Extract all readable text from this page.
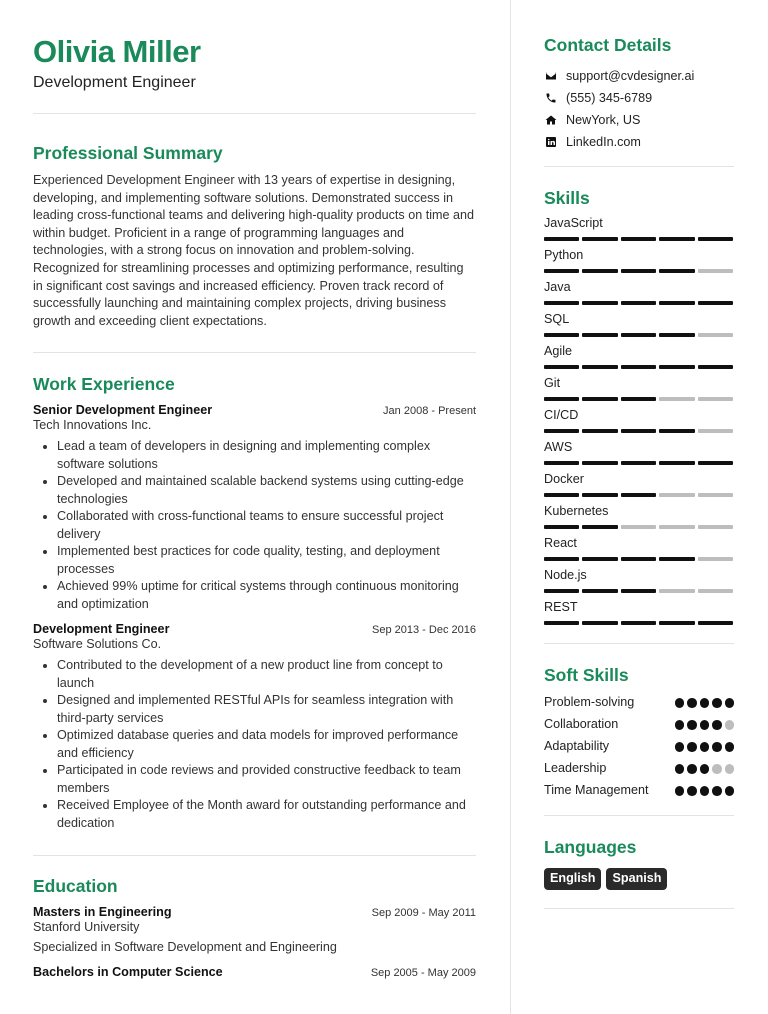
Olivia Miller
Development Engineer
Professional Summary

Experienced Development Engineer with 13 years of expertise in designing, developing, and implementing software solutions. Demonstrated success in leading cross-functional teams and delivering high-quality products on time and within budget. Proficient in a range of programming languages and technologies, with a strong focus on innovation and problem-solving. Recognized for streamlining processes and optimizing performance, resulting in significant cost savings and increased efficiency. Proven track record of successfully launching and maintaining complex projects, driving business growth and exceeding client expectations.

Work Experience
Senior Development Engineer	Jan 2008 - Present
Tech Innovations Inc.
• Lead a team of developers in designing and implementing complex software solutions
• Developed and maintained scalable backend systems using cutting-edge technologies
• Collaborated with cross-functional teams to ensure successful project delivery
• Implemented best practices for code quality, testing, and deployment processes
• Achieved 99% uptime for critical systems through continuous monitoring and optimization
Development Engineer	Sep 2013 - Dec 2016
Software Solutions Co.
• Contributed to the development of a new product line from concept to launch
• Designed and implemented RESTful APIs for seamless integration with third-party services
• Optimized database queries and data models for improved performance and efficiency
• Participated in code reviews and provided constructive feedback to team members
• Received Employee of the Month award for outstanding performance and dedication
Education
Masters in Engineering	Sep 2009 - May 2011
Stanford University
Specialized in Software Development and Engineering
Bachelors in Computer Science	Sep 2005 - May 2009
Contact Details
support@cvdesigner.ai
(555) 345-6789
NewYork, US
LinkedIn.com
Skills
JavaScript
Python
Java
SQL
Agile
Git
CI/CD
AWS
Docker
Kubernetes
React
Node.js
REST
Soft Skills
Problem-solving
Collaboration
Adaptability
Leadership
Time Management
Languages
English	Spanish
